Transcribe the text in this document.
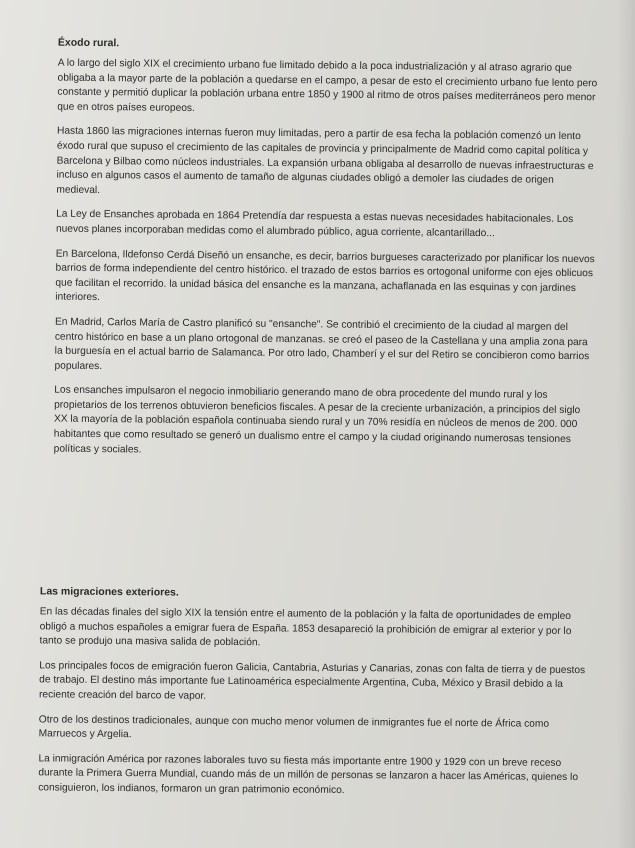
Éxodo rural.

A lo largo del siglo XIX el crecimiento urbano fue limitado debido a la poca industrialización y al atraso agrario que obligaba a la mayor parte de la población a quedarse en el campo, a pesar de esto el crecimiento urbano fue lento pero constante y permitió duplicar la población urbana entre 1850 y 1900 al ritmo de otros países mediterráneos pero menor que en otros países europeos.

Hasta 1860 las migraciones internas fueron muy limitadas, pero a partir de esa fecha la población comenzó un lento éxodo rural que supuso el crecimiento de las capitales de provincia y principalmente de Madrid como capital política y Barcelona y Bilbao como núcleos industriales. La expansión urbana obligaba al desarrollo de nuevas infraestructuras e incluso en algunos casos el aumento de tamaño de algunas ciudades obligó a demoler las ciudades de origen medieval.

La Ley de Ensanches aprobada en 1864 Pretendía dar respuesta a estas nuevas necesidades habitacionales. Los nuevos planes incorporaban medidas como el alumbrado público, agua corriente, alcantarillado...

En Barcelona, Ildefonso Cerdá Diseñó un ensanche, es decir, barrios burgueses caracterizado por planificar los nuevos barrios de forma independiente del centro histórico. el trazado de estos barrios es ortogonal uniforme con ejes oblicuos que facilitan el recorrido. la unidad básica del ensanche es la manzana, achaflanada en las esquinas y con jardines interiores.

En Madrid, Carlos María de Castro planificó su "ensanche". Se contribió el crecimiento de la ciudad al margen del centro histórico en base a un plano ortogonal de manzanas. se creó el paseo de la Castellana y una amplia zona para la burguesía en el actual barrio de Salamanca. Por otro lado, Chamberí y el sur del Retiro se concibieron como barrios populares.

Los ensanches impulsaron el negocio inmobiliario generando mano de obra procedente del mundo rural y los propietarios de los terrenos obtuvieron beneficios fiscales. A pesar de la creciente urbanización, a principios del siglo XX la mayoría de la población española continuaba siendo rural y un 70% residía en núcleos de menos de 200. 000 habitantes que como resultado se generó un dualismo entre el campo y la ciudad originando numerosas tensiones políticas y sociales.

Las migraciones exteriores.

En las décadas finales del siglo XIX la tensión entre el aumento de la población y la falta de oportunidades de empleo obligó a muchos españoles a emigrar fuera de España. 1853 desapareció la prohibición de emigrar al exterior y por lo tanto se produjo una masiva salida de población.

Los principales focos de emigración fueron Galicia, Cantabria, Asturias y Canarias, zonas con falta de tierra y de puestos de trabajo. El destino más importante fue Latinoamérica especialmente Argentina, Cuba, México y Brasil debido a la reciente creación del barco de vapor.

Otro de los destinos tradicionales, aunque con mucho menor volumen de inmigrantes fue el norte de África como Marruecos y Argelia.

La inmigración América por razones laborales tuvo su fiesta más importante entre 1900 y 1929 con un breve receso durante la Primera Guerra Mundial, cuando más de un millón de personas se lanzaron a hacer las Américas, quienes lo consiguieron, los indianos, formaron un gran patrimonio económico.
